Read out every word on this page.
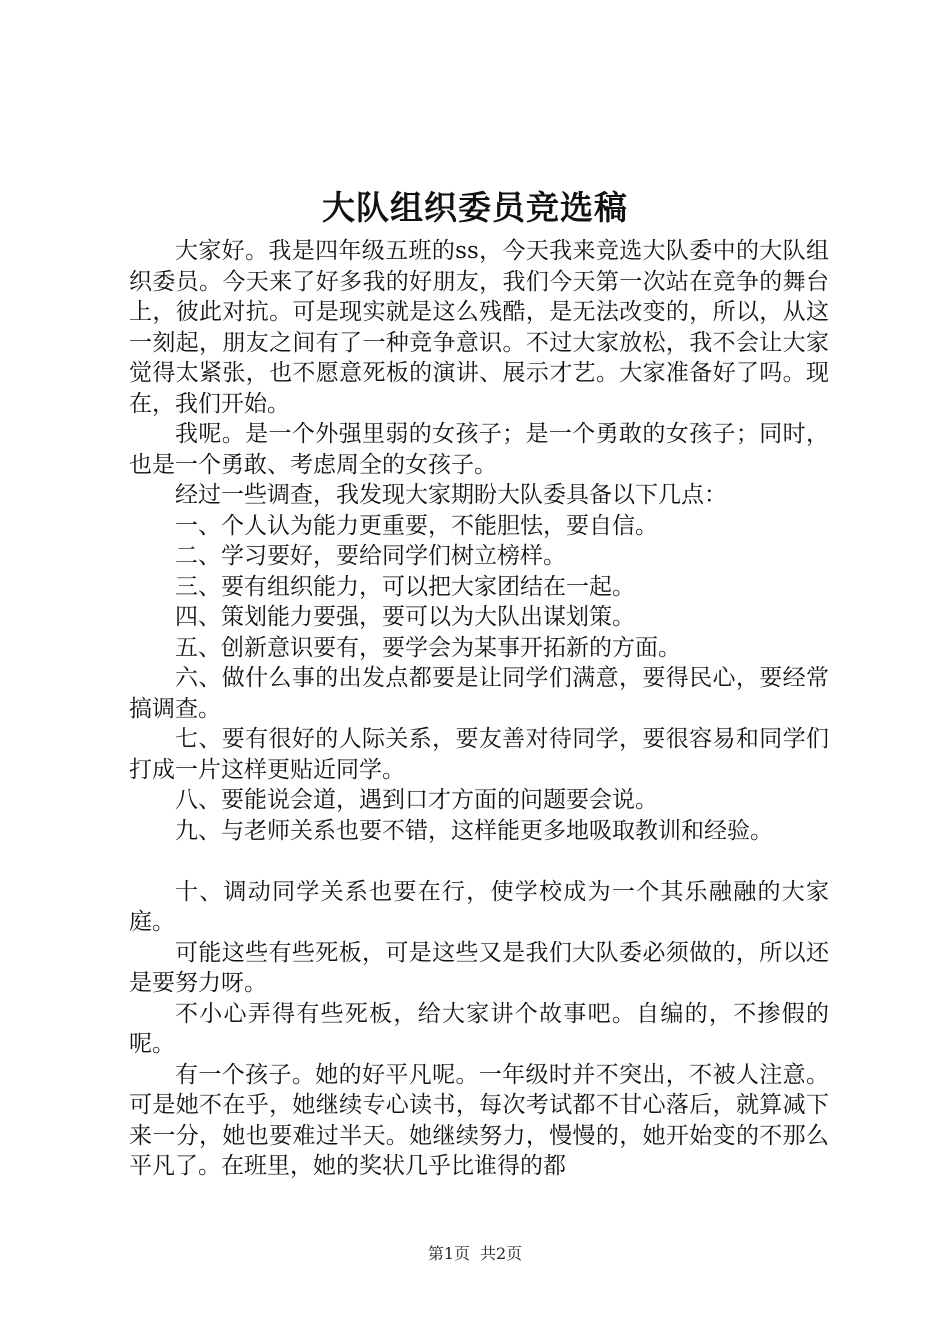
大队组织委员竞选稿

大家好。我是四年级五班的ss，今天我来竞选大队委中的大队组织委员。今天来了好多我的好朋友，我们今天第一次站在竞争的舞台上，彼此对抗。可是现实就是这么残酷，是无法改变的，所以，从这一刻起，朋友之间有了一种竞争意识。不过大家放松，我不会让大家觉得太紧张，也不愿意死板的演讲、展示才艺。大家准备好了吗。现在，我们开始。

我呢。是一个外强里弱的女孩子；是一个勇敢的女孩子；同时，也是一个勇敢、考虑周全的女孩子。

经过一些调查，我发现大家期盼大队委具备以下几点：

一、个人认为能力更重要，不能胆怯，要自信。

二、学习要好，要给同学们树立榜样。

三、要有组织能力，可以把大家团结在一起。

四、策划能力要强，要可以为大队出谋划策。

五、创新意识要有，要学会为某事开拓新的方面。

六、做什么事的出发点都要是让同学们满意，要得民心，要经常搞调查。

七、要有很好的人际关系，要友善对待同学，要很容易和同学们打成一片这样更贴近同学。

八、要能说会道，遇到口才方面的问题要会说。

九、与老师关系也要不错，这样能更多地吸取教训和经验。

十、调动同学关系也要在行，使学校成为一个其乐融融的大家庭。

可能这些有些死板，可是这些又是我们大队委必须做的，所以还是要努力呀。

不小心弄得有些死板，给大家讲个故事吧。自编的，不掺假的呢。

有一个孩子。她的好平凡呢。一年级时并不突出，不被人注意。可是她不在乎，她继续专心读书，每次考试都不甘心落后，就算减下来一分，她也要难过半天。她继续努力，慢慢的，她开始变的不那么平凡了。在班里，她的奖状几乎比谁得的都

第1页 共2页
